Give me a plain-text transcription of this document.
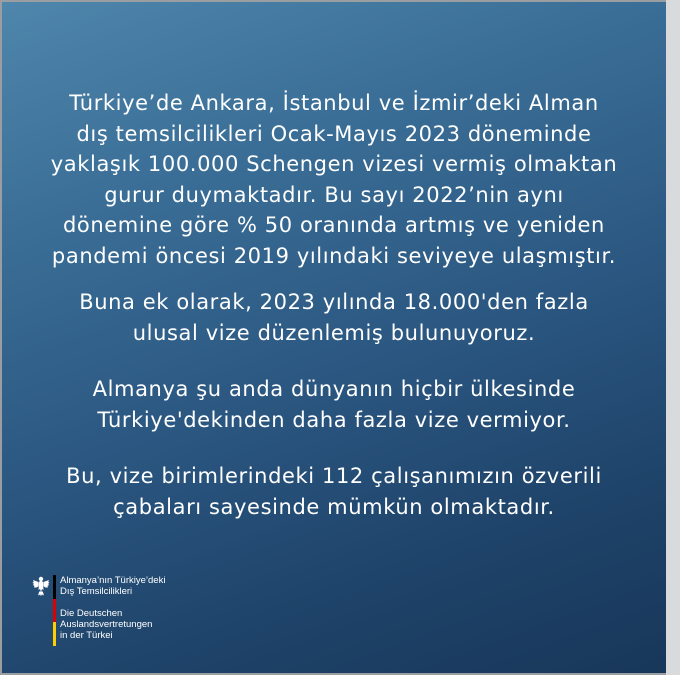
Türkiye’de Ankara, İstanbul ve İzmir’deki Alman
dış temsilcilikleri Ocak-Mayıs 2023 döneminde
yaklaşık 100.000 Schengen vizesi vermiş olmaktan
gurur duymaktadır. Bu sayı 2022’nin aynı
dönemine göre % 50 oranında artmış ve yeniden
pandemi öncesi 2019 yılındaki seviyeye ulaşmıştır.
Buna ek olarak, 2023 yılında 18.000'den fazla
ulusal vize düzenlemiş bulunuyoruz.
Almanya şu anda dünyanın hiçbir ülkesinde
Türkiye'dekinden daha fazla vize vermiyor.
Bu, vize birimlerindeki 112 çalışanımızın özverili
çabaları sayesinde mümkün olmaktadır.
Almanya’nın Türkiye’deki
Dış Temsilcilikleri
Die Deutschen
Auslandsvertretungen
in der Türkei
